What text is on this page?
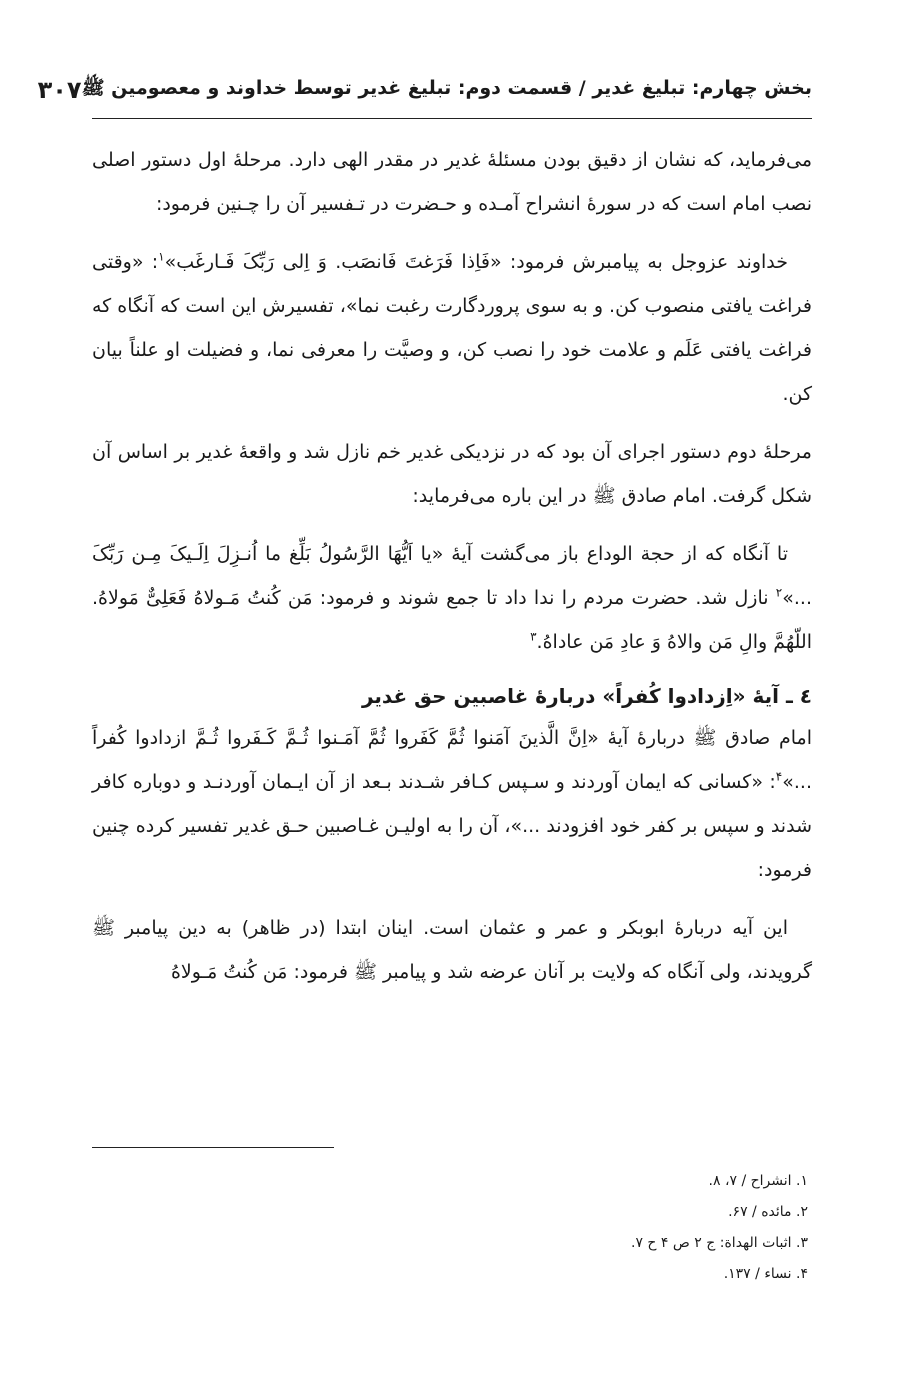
بخش چهارم: تبلیغ غدیر / قسمت دوم: تبلیغ غدیر توسط خداوند و معصومین ﷺ
۳۰۷

می‌فرماید، که نشان از دقیق بودن مسئلۀ غدیر در مقدر الهی دارد. مرحلۀ اول دستور اصلی نصب امام است که در سورۀ انشراح آمـده و حـضرت در تـفسیر آن را چـنین فرمود:

خداوند عزوجل به پیامبرش فرمود: «فَاِذا فَرَغتَ فَانصَب. وَ اِلی رَبِّکَ فَـارغَب»$^۱$: «وقتی فراغت یافتی منصوب کن. و به سوی پروردگارت رغبت نما»، تفسیرش این است که آنگاه که فراغت یافتی عَلَم و علامت خود را نصب کن، و وصیَّت را معرفی نما، و فضیلت او علناً بیان کن.

مرحلۀ دوم دستور اجرای آن بود که در نزدیکی غدیر خم نازل شد و واقعۀ غدیر بر اساس آن شکل گرفت. امام صادق ﷺ در این باره می‌فرماید:

تا آنگاه که از حجة الوداع باز می‌گشت آیۀ «یا اَیُّهَا الرَّسُولُ بَلِّغ ما اُنـزِلَ اِلَـیکَ مِـن رَبِّکَ ...»$^۲$ نازل شد. حضرت مردم را ندا داد تا جمع شوند و فرمود: مَن کُنتُ مَـولاهُ فَعَلِیٌّ مَولاهُ. اللّهُمَّ والِ مَن والاهُ وَ عادِ مَن عاداهُ.$^۳$

٤ ـ آیۀ «اِزدادوا کُفراً» دربارۀ غاصبین حق غدیر

امام صادق ﷺ دربارۀ آیۀ «اِنَّ الَّذینَ آمَنوا ثُمَّ کَفَروا ثُمَّ آمَـنوا ثُـمَّ کَـفَروا ثُـمَّ ازدادوا کُفراً ...»$^۴$: «کسانی که ایمان آوردند و سـپس کـافر شـدند بـعد از آن ایـمان آوردنـد و دوباره کافر شدند و سپس بر کفر خود افزودند ...»، آن را به اولیـن غـاصبین حـق غدیر تفسیر کرده چنین فرمود:

این آیه دربارۀ ابوبکر و عمر و عثمان است. اینان ابتدا (در ظاهر) به دین پیامبر ﷺ گرویدند، ولی آنگاه که ولایت بر آنان عرضه شد و پیامبر ﷺ فرمود: مَن کُنتُ مَـولاهُ

۱. انشراح / ۷، ۸.
۲. مائده / ۶۷.
۳. اثبات الهداة: ج ۲ ص ۴ ح ۷.
۴. نساء / ۱۳۷.
